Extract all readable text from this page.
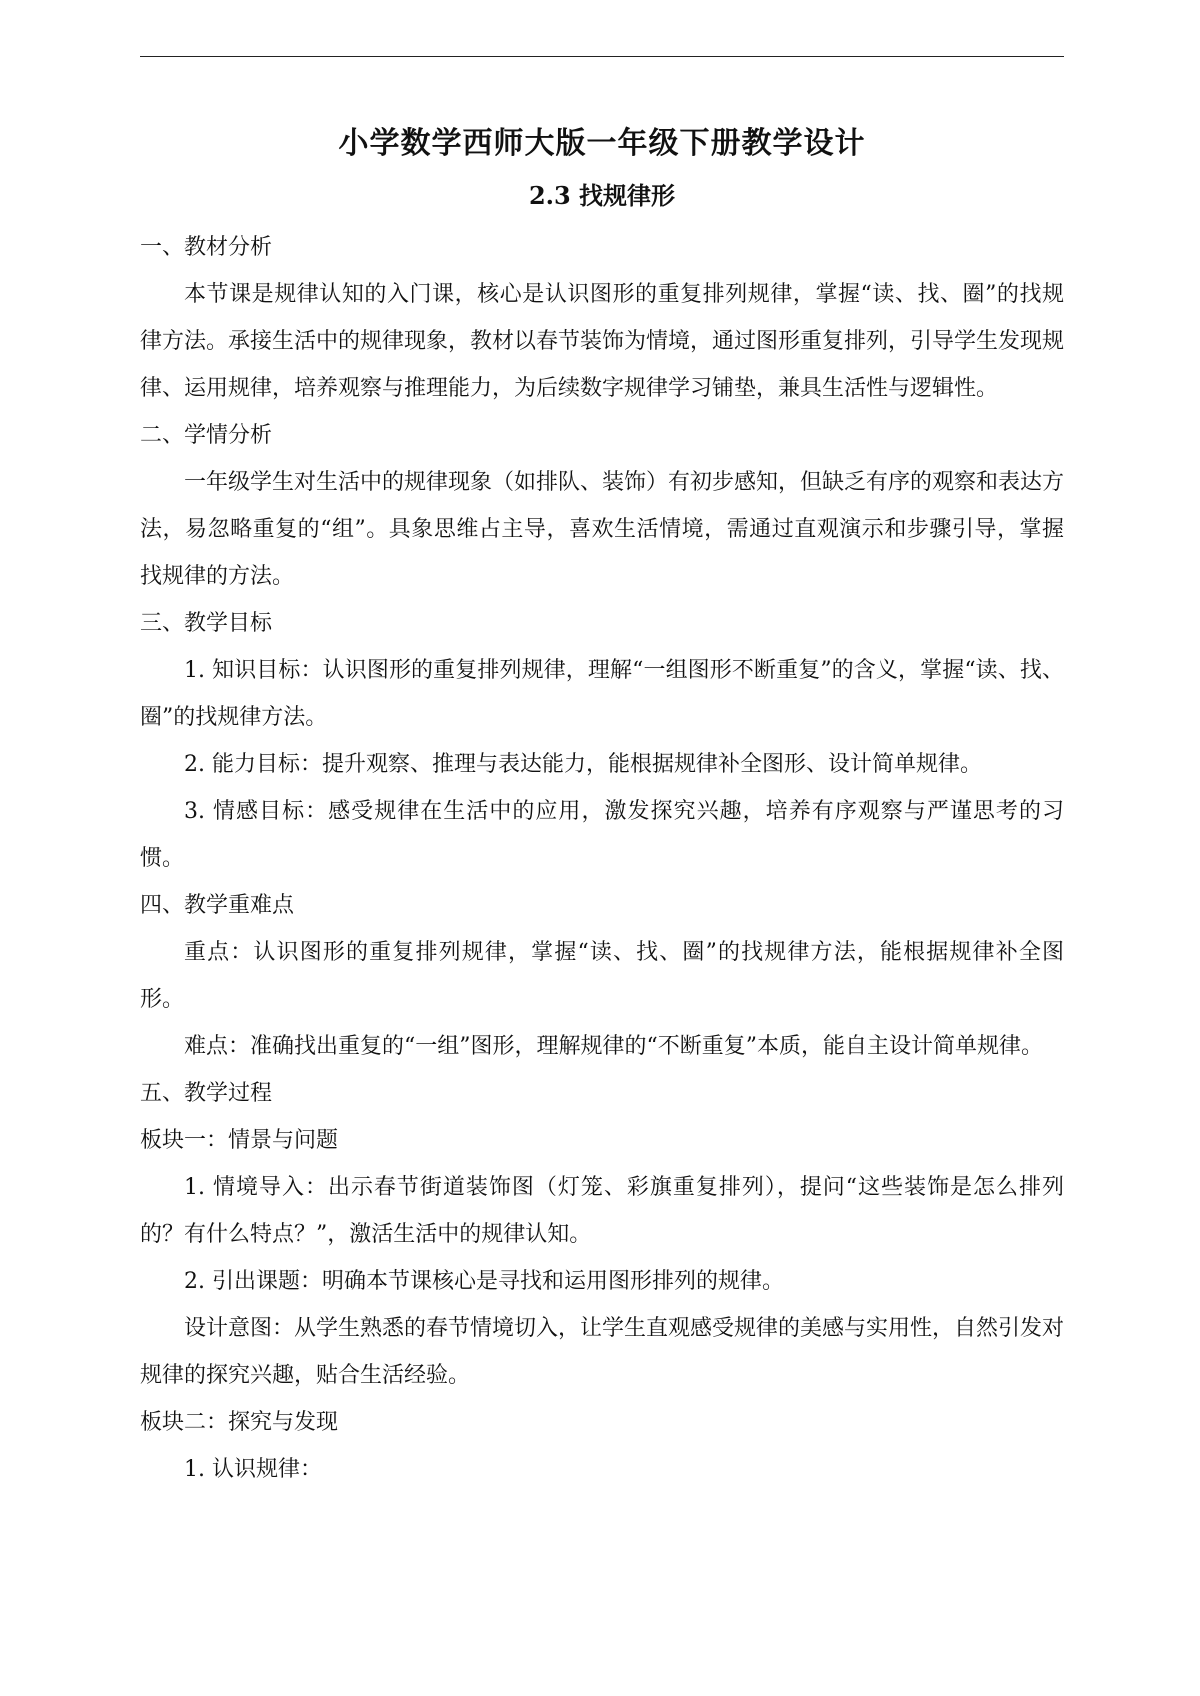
小学数学西师大版一年级下册教学设计
2.3 找规律形

一、教材分析

本节课是规律认知的入门课，核心是认识图形的重复排列规律，掌握“读、找、圈”的找规律方法。承接生活中的规律现象，教材以春节装饰为情境，通过图形重复排列，引导学生发现规律、运用规律，培养观察与推理能力，为后续数字规律学习铺垫，兼具生活性与逻辑性。

二、学情分析

一年级学生对生活中的规律现象（如排队、装饰）有初步感知，但缺乏有序的观察和表达方法，易忽略重复的“组”。具象思维占主导，喜欢生活情境，需通过直观演示和步骤引导，掌握找规律的方法。

三、教学目标

1. 知识目标：认识图形的重复排列规律，理解“一组图形不断重复”的含义，掌握“读、找、圈”的找规律方法。

2. 能力目标：提升观察、推理与表达能力，能根据规律补全图形、设计简单规律。

3. 情感目标：感受规律在生活中的应用，激发探究兴趣，培养有序观察与严谨思考的习惯。

四、教学重难点

重点：认识图形的重复排列规律，掌握“读、找、圈”的找规律方法，能根据规律补全图形。

难点：准确找出重复的“一组”图形，理解规律的“不断重复”本质，能自主设计简单规律。

五、教学过程

板块一：情景与问题

1. 情境导入：出示春节街道装饰图（灯笼、彩旗重复排列），提问“这些装饰是怎么排列的？有什么特点？”，激活生活中的规律认知。

2. 引出课题：明确本节课核心是寻找和运用图形排列的规律。

设计意图：从学生熟悉的春节情境切入，让学生直观感受规律的美感与实用性，自然引发对规律的探究兴趣，贴合生活经验。

板块二：探究与发现

1. 认识规律：
